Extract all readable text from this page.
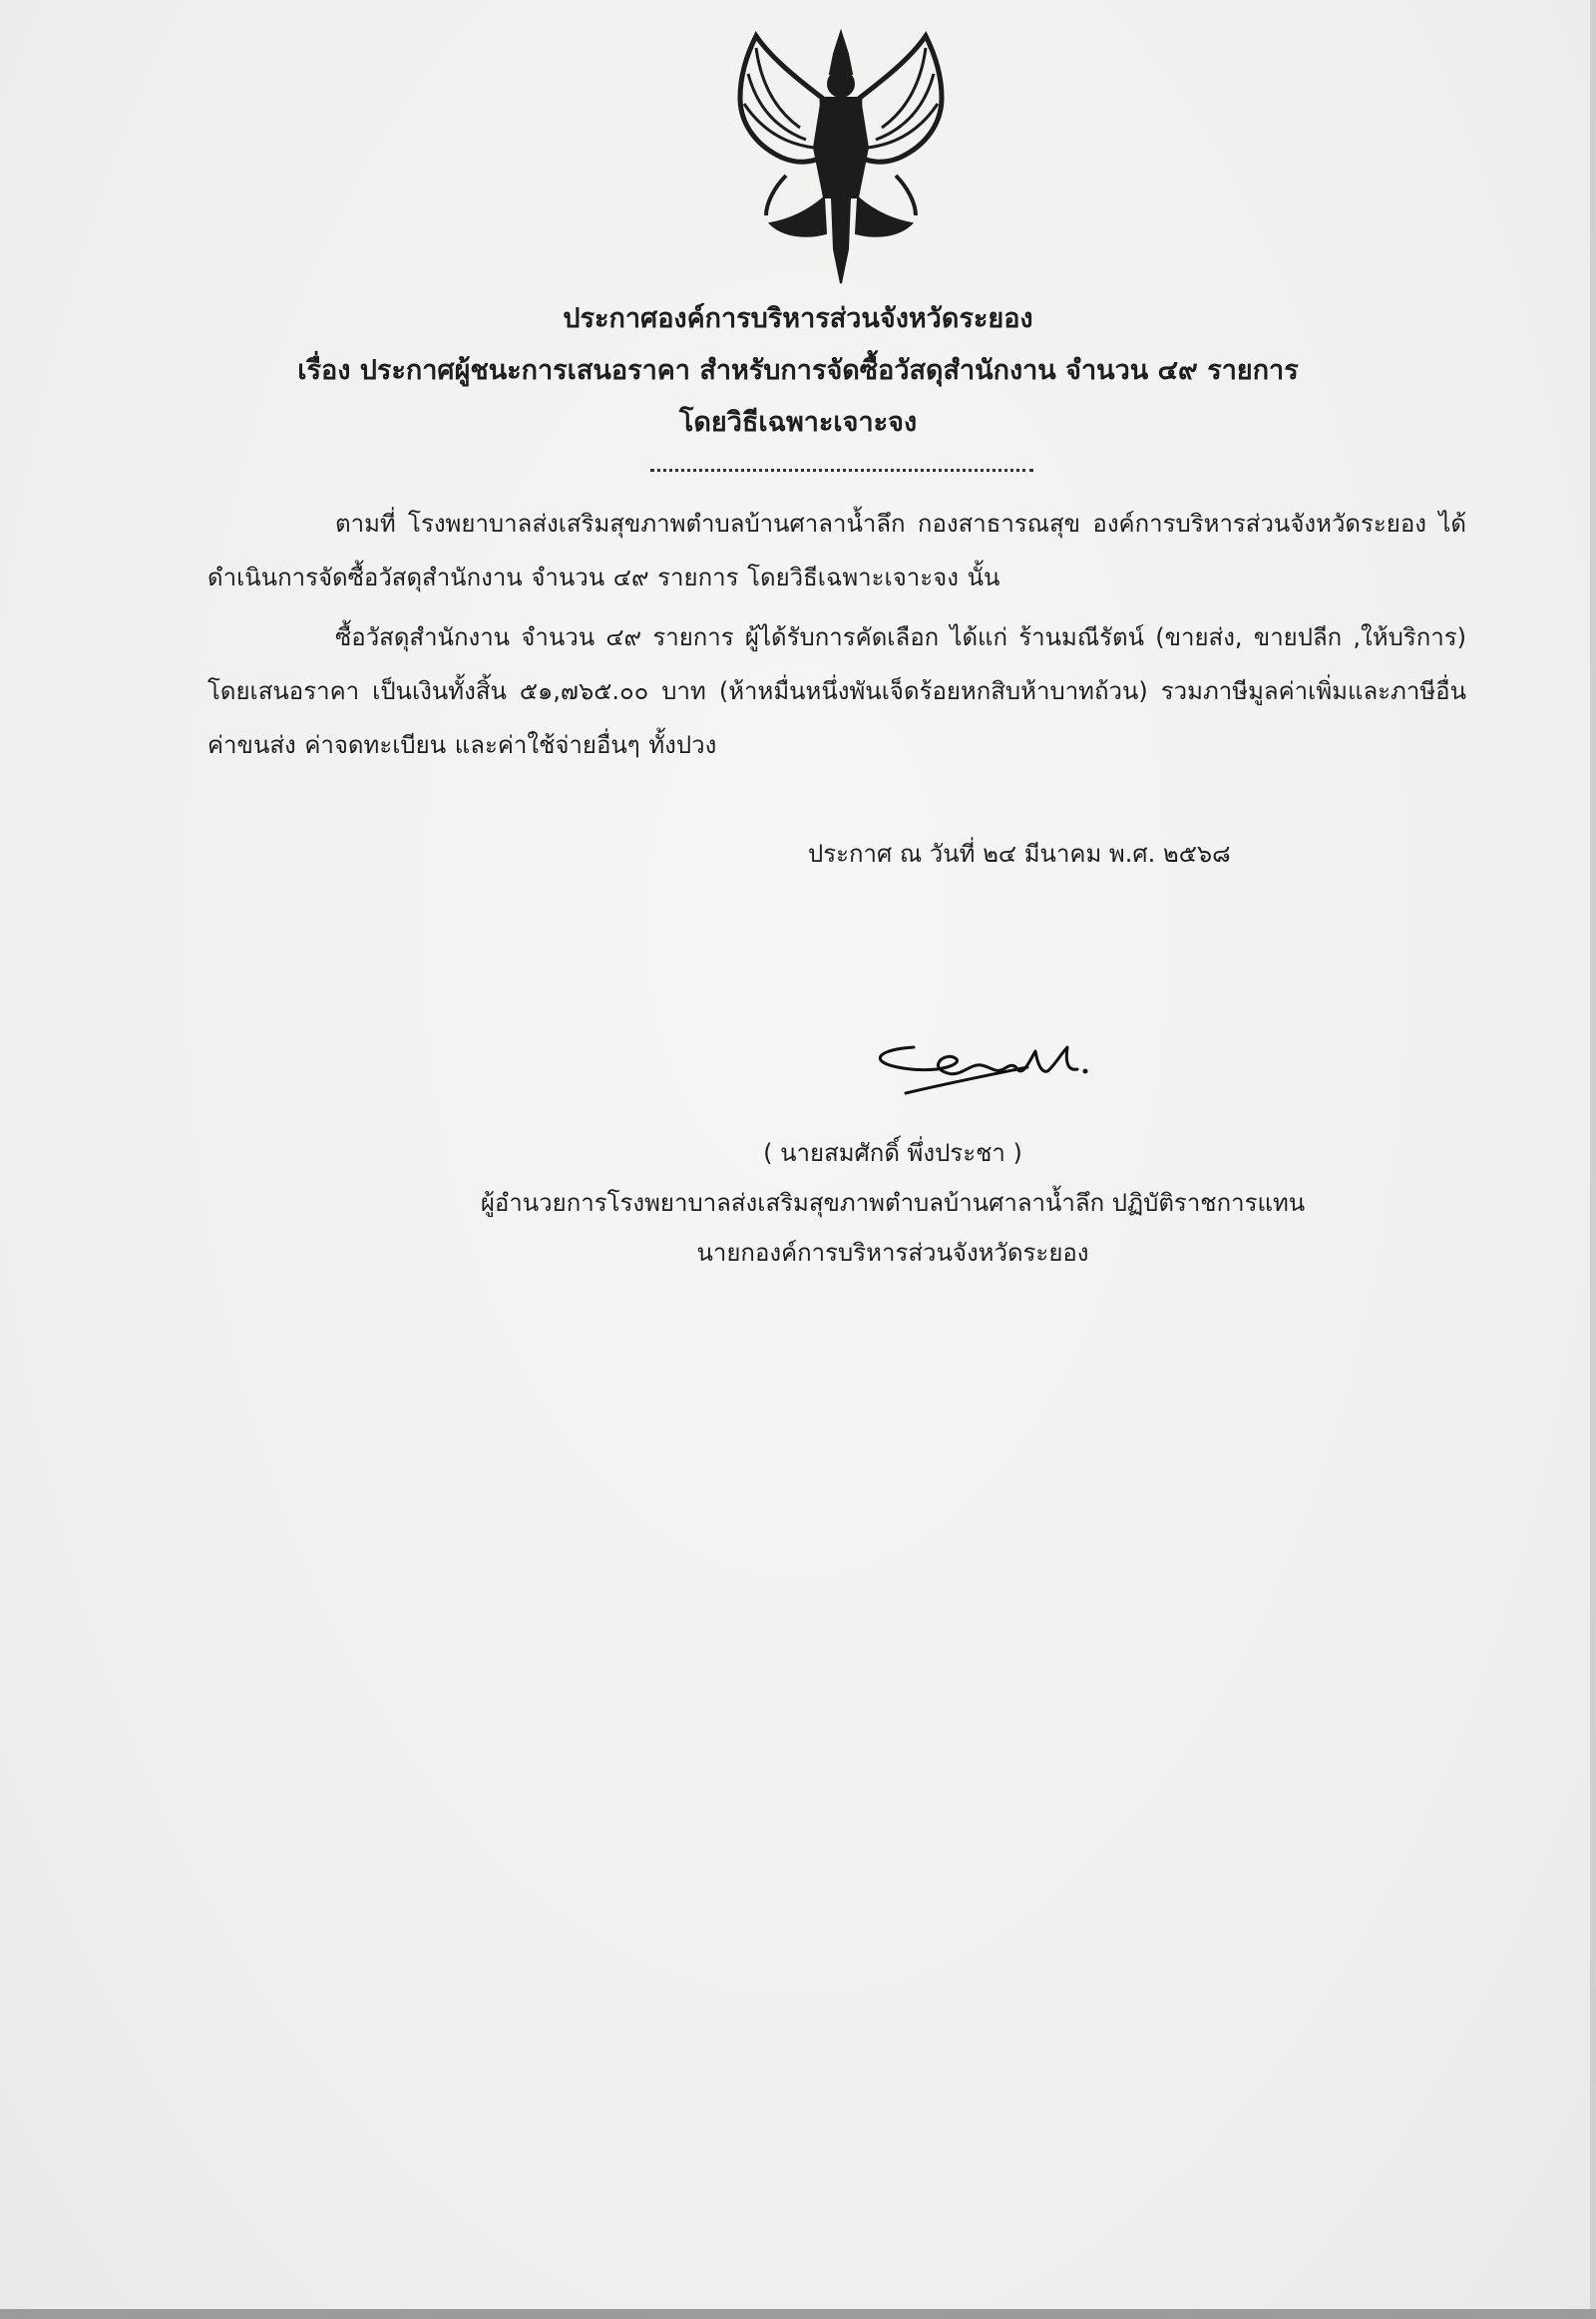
ประกาศองค์การบริหารส่วนจังหวัดระยอง
เรื่อง ประกาศผู้ชนะการเสนอราคา สำหรับการจัดซื้อวัสดุสำนักงาน จำนวน ๔๙ รายการ
โดยวิธีเฉพาะเจาะจง
ตามที่ โรงพยาบาลส่งเสริมสุขภาพตำบลบ้านศาลาน้ำลึก กองสาธารณสุข องค์การบริหารส่วนจังหวัดระยอง ได้ดำเนินการจัดซื้อวัสดุสำนักงาน จำนวน ๔๙ รายการ โดยวิธีเฉพาะเจาะจง นั้น
ซื้อวัสดุสำนักงาน จำนวน ๔๙ รายการ ผู้ได้รับการคัดเลือก ได้แก่ ร้านมณีรัตน์ (ขายส่ง, ขายปลีก ,ให้บริการ) โดยเสนอราคา เป็นเงินทั้งสิ้น ๕๑,๗๖๕.๐๐ บาท (ห้าหมื่นหนึ่งพันเจ็ดร้อยหกสิบห้าบาทถ้วน) รวมภาษีมูลค่าเพิ่มและภาษีอื่น ค่าขนส่ง ค่าจดทะเบียน และค่าใช้จ่ายอื่นๆ ทั้งปวง
ประกาศ ณ วันที่ ๒๔ มีนาคม พ.ศ. ๒๕๖๘
( นายสมศักดิ์ พึ่งประชา )
ผู้อำนวยการโรงพยาบาลส่งเสริมสุขภาพตำบลบ้านศาลาน้ำลึก ปฏิบัติราชการแทน
นายกองค์การบริหารส่วนจังหวัดระยอง
